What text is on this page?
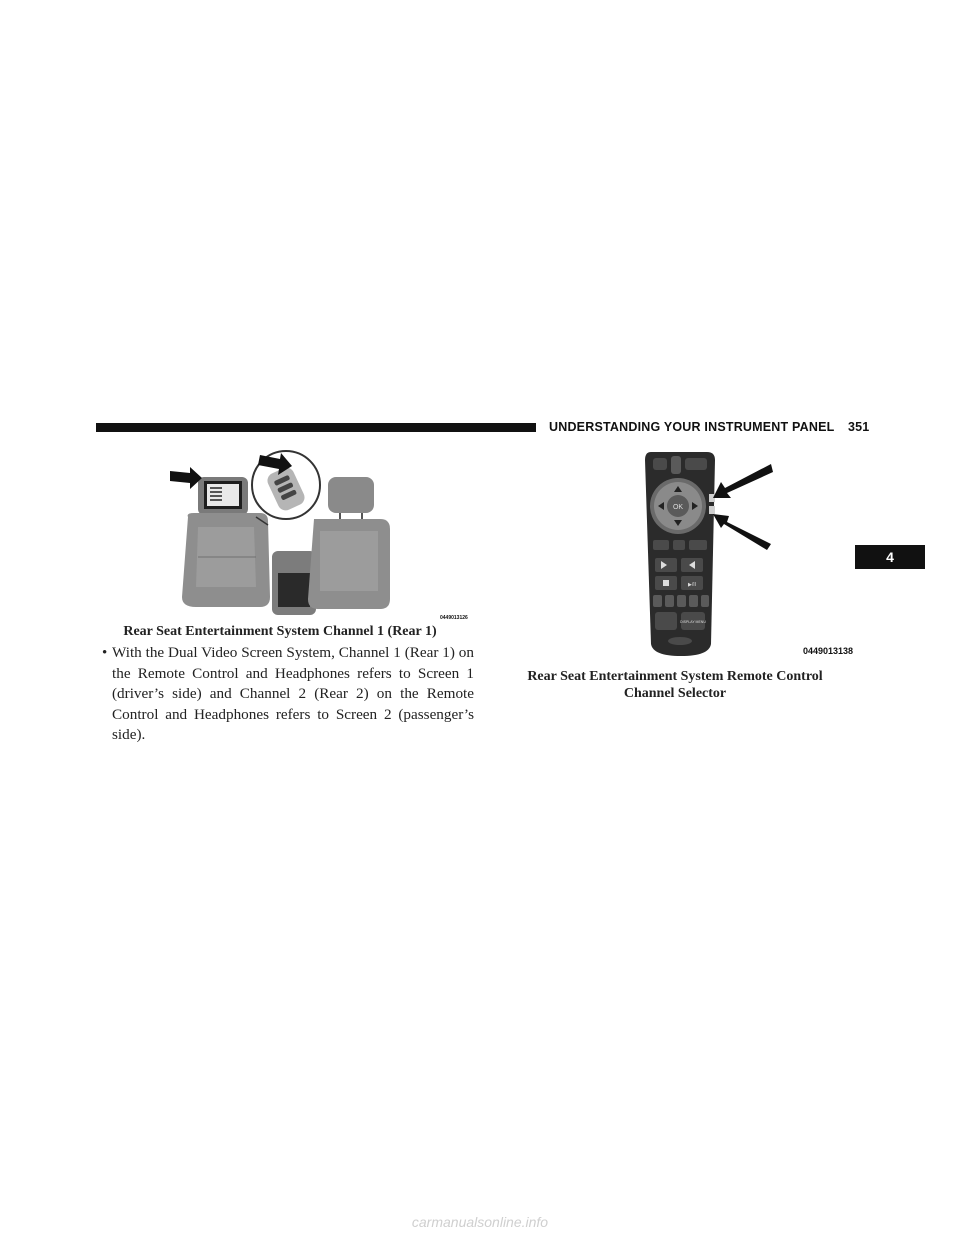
UNDERSTANDING YOUR INSTRUMENT PANEL 351
4
0449013126
Rear Seat Entertainment System Channel 1 (Rear 1)
• With the Dual Video Screen System, Channel 1 (Rear 1) on the Remote Control and Headphones refers to Screen 1 (driver’s side) and Channel 2 (Rear 2) on the Remote Control and Headphones refers to Screen 2 (passenger’s side).
OK
▶/II
DISPLAY MENU
0449013138
Rear Seat Entertainment System Remote Control
Channel Selector
carmanualsonline.info
